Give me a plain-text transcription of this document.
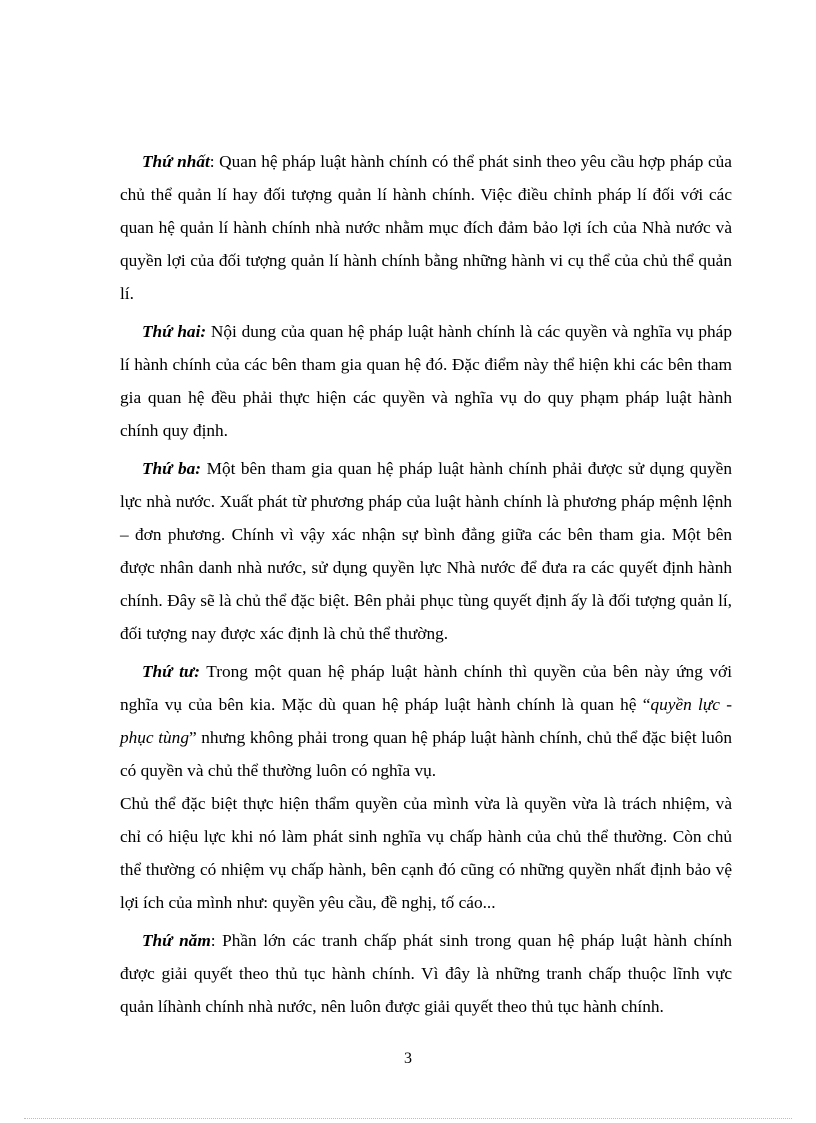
Thứ nhất: Quan hệ pháp luật hành chính có thể phát sinh theo yêu cầu hợp pháp của chủ thể quản lí hay đối tượng quản lí hành chính. Việc điều chỉnh pháp lí đối với các quan hệ quản lí hành chính nhà nước nhằm mục đích đảm bảo lợi ích của Nhà nước và quyền lợi của đối tượng quản lí hành chính bằng những hành vi cụ thể của chủ thể quản lí.

Thứ hai: Nội dung của quan hệ pháp luật hành chính là các quyền và nghĩa vụ pháp lí hành chính của các bên tham gia quan hệ đó. Đặc điểm này thể hiện khi các bên tham gia quan hệ đều phải thực hiện các quyền và nghĩa vụ do quy phạm pháp luật hành chính quy định.

Thứ ba: Một bên tham gia quan hệ pháp luật hành chính phải được sử dụng quyền lực nhà nước. Xuất phát từ phương pháp của luật hành chính là phương pháp mệnh lệnh – đơn phương. Chính vì vậy xác nhận sự bình đẳng giữa các bên tham gia. Một bên được nhân danh nhà nước, sử dụng quyền lực Nhà nước để đưa ra các quyết định hành chính. Đây sẽ là chủ thể đặc biệt. Bên phải phục tùng quyết định ấy là đối tượng quản lí, đối tượng nay được xác định là chủ thể thường.

Thứ tư: Trong một quan hệ pháp luật hành chính thì quyền của bên này ứng với nghĩa vụ của bên kia. Mặc dù quan hệ pháp luật hành chính là quan hệ “quyền lực - phục tùng” nhưng không phải trong quan hệ pháp luật hành chính, chủ thể đặc biệt luôn có quyền và chủ thể thường luôn có nghĩa vụ.

Chủ thể đặc biệt thực hiện thẩm quyền của mình vừa là quyền vừa là trách nhiệm, và chỉ có hiệu lực khi nó làm phát sinh nghĩa vụ chấp hành của chủ thể thường. Còn chủ thể thường có nhiệm vụ chấp hành, bên cạnh đó cũng có những quyền nhất định bảo vệ lợi ích của mình như: quyền yêu cầu, đề nghị, tố cáo...

Thứ năm: Phần lớn các tranh chấp phát sinh trong quan hệ pháp luật hành chính được giải quyết theo thủ tục hành chính. Vì đây là những tranh chấp thuộc lĩnh vực quản líhành chính nhà nước, nên luôn được giải quyết theo thủ tục hành chính.

3
